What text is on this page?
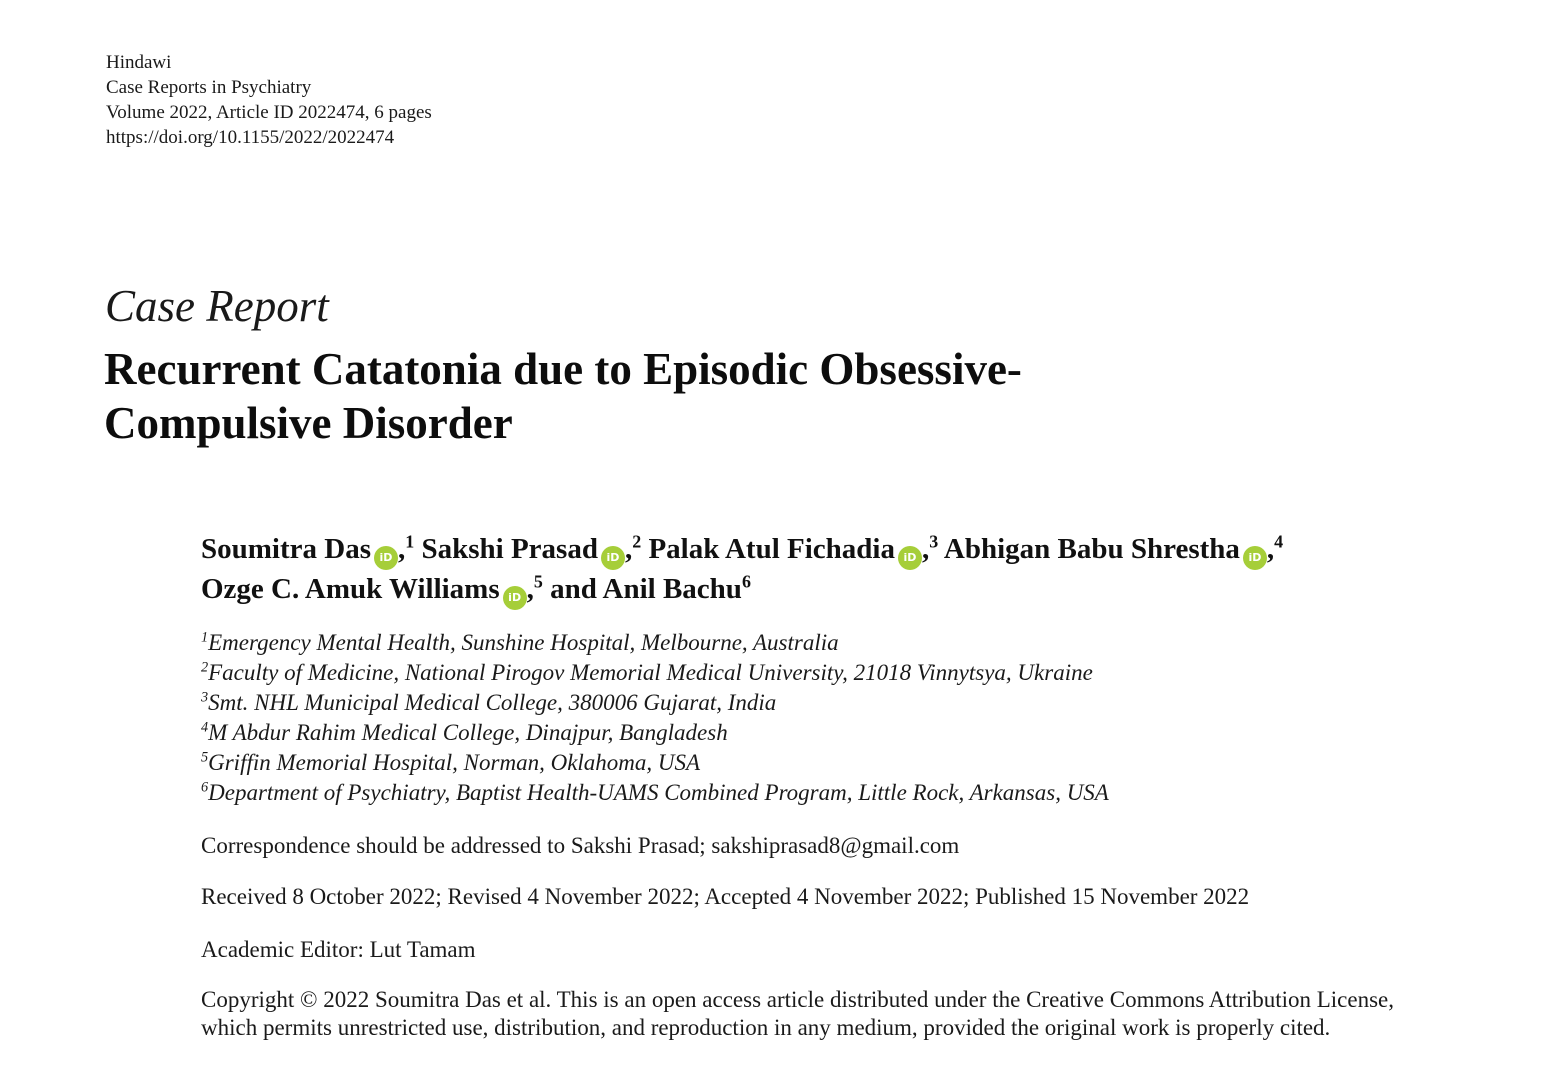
Hindawi
Case Reports in Psychiatry
Volume 2022, Article ID 2022474, 6 pages
https://doi.org/10.1155/2022/2022474
Case Report
Recurrent Catatonia due to Episodic Obsessive-
Compulsive Disorder
Soumitra Das iD ,$^1$ Sakshi Prasad iD ,$^2$ Palak Atul Fichadia iD ,$^3$ Abhigan Babu Shrestha iD ,$^4$
Ozge C. Amuk Williams iD ,$^5$ and Anil Bachu$^6$
$^1$Emergency Mental Health, Sunshine Hospital, Melbourne, Australia
$^2$Faculty of Medicine, National Pirogov Memorial Medical University, 21018 Vinnytsya, Ukraine
$^3$Smt. NHL Municipal Medical College, 380006 Gujarat, India
$^4$M Abdur Rahim Medical College, Dinajpur, Bangladesh
$^5$Griffin Memorial Hospital, Norman, Oklahoma, USA
$^6$Department of Psychiatry, Baptist Health-UAMS Combined Program, Little Rock, Arkansas, USA
Correspondence should be addressed to Sakshi Prasad; sakshiprasad8@gmail.com
Received 8 October 2022; Revised 4 November 2022; Accepted 4 November 2022; Published 15 November 2022
Academic Editor: Lut Tamam
Copyright © 2022 Soumitra Das et al. This is an open access article distributed under the Creative Commons Attribution License,
which permits unrestricted use, distribution, and reproduction in any medium, provided the original work is properly cited.
